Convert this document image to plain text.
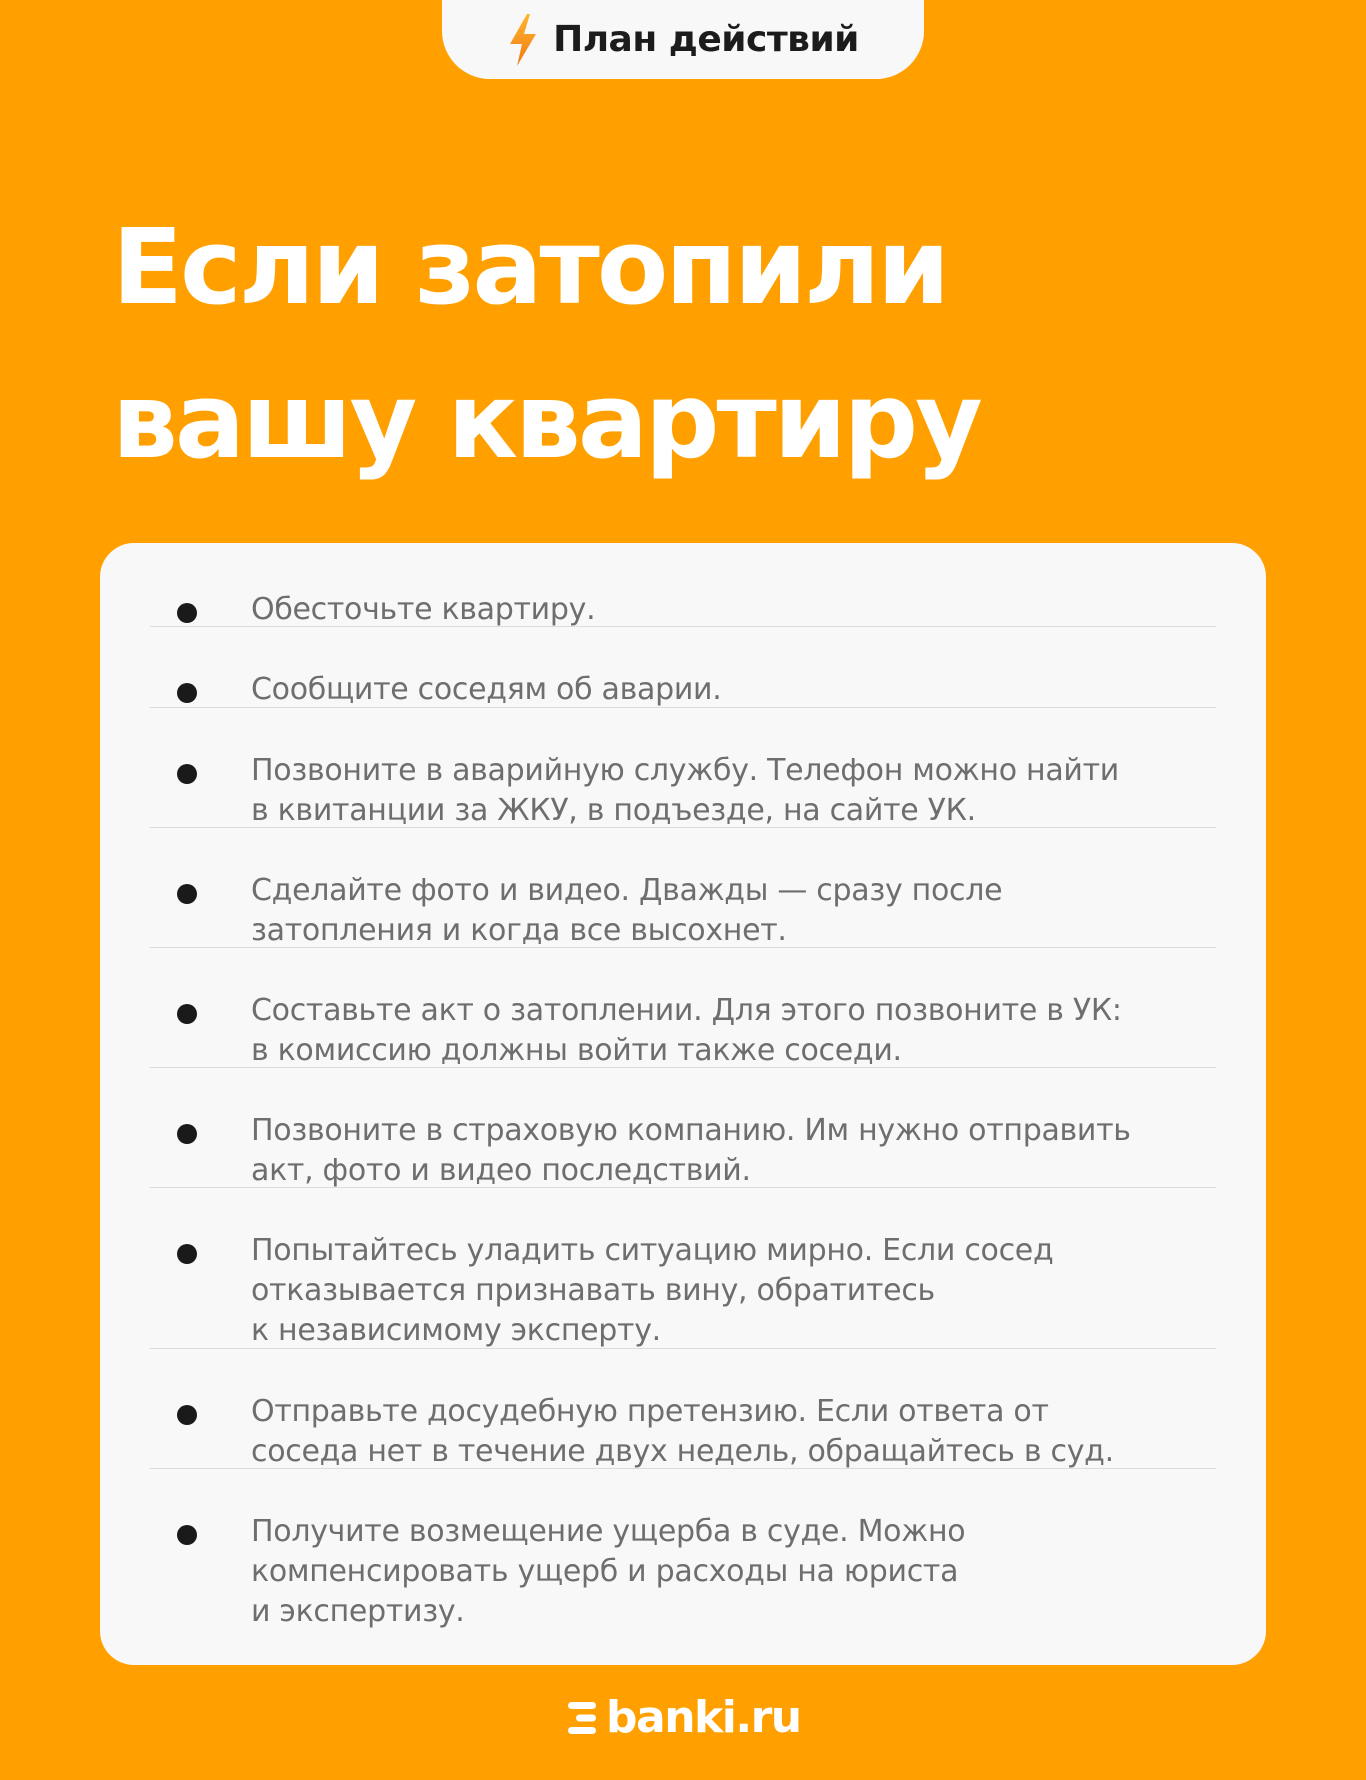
План действий
Если затопили
вашу квартиру
Обесточьте квартиру.
Сообщите соседям об аварии.
Позвоните в аварийную службу. Телефон можно найти
в квитанции за ЖКУ, в подъезде, на сайте УК.
Сделайте фото и видео. Дважды — сразу после
затопления и когда все высохнет.
Составьте акт о затоплении. Для этого позвоните в УК:
в комиссию должны войти также соседи.
Позвоните в страховую компанию. Им нужно отправить
акт, фото и видео последствий.
Попытайтесь уладить ситуацию мирно. Если сосед
отказывается признавать вину, обратитесь
к независимому эксперту.
Отправьте досудебную претензию. Если ответа от
соседа нет в течение двух недель, обращайтесь в суд.
Получите возмещение ущерба в суде. Можно
компенсировать ущерб и расходы на юриста
и экспертизу.
banki.ru
